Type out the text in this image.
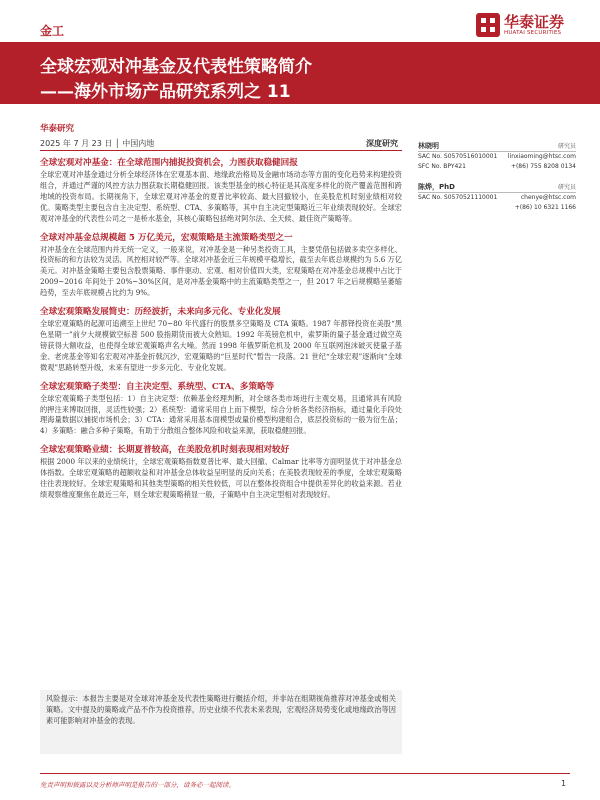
金工	华泰证券
HUATAI SECURITIES
全球宏观对冲基金及代表性策略简介
——海外市场产品研究系列之 11
华泰研究
2025 年 7 月 23 日 │ 中国内地	深度研究

全球宏观对冲基金：在全球范围内捕捉投资机会，力图获取稳健回报

全球宏观对冲基金通过分析全球经济体在宏观基本面、地缘政治格局及金融市场动态等方面的变化趋势来构建投资组合，并通过严谨的风控方法力图获取长期稳健回报。该类型基金的核心特征是其高度多样化的资产覆盖范围和跨地域的投资布局。长期视角下，全球宏观对冲基金的夏普比率较高、最大回撤较小，在美股危机时刻业绩相对较优。策略类型主要包含自主决定型、系统型、CTA、多策略等，其中自主决定型策略近三年业绩表现较好。全球宏观对冲基金的代表性公司之一是桥水基金，其核心策略包括绝对阿尔法、全天候、最佳资产策略等。

全球对冲基金总规模超 5 万亿美元，宏观策略是主流策略类型之一

对冲基金在全球范围内并无统一定义，一般来说，对冲基金是一种另类投资工具，主要凭借包括做多卖空多样化、投资标的和方法较为灵活、风控相对较严等。全球对冲基金近三年规模平稳增长，截至去年底总规模约为 5.6 万亿美元。对冲基金策略主要包含股票策略、事件驱动、宏观、相对价值四大类，宏观策略在对冲基金总规模中占比于 2009~2016 年间处于 20%~30%区间，是对冲基金策略中的主流策略类型之一，但 2017 年之后规模略呈萎缩趋势，至去年底规模占比约为 9%。

全球宏观策略发展简史：历经波折，未来向多元化、专业化发展

全球宏观策略的起源可追溯至上世纪 70~80 年代盛行的股票多空策略及 CTA 策略。1987 年都铎投资在美股“黑色星期一”前夕大规模做空标普 500 股指期货而被大众熟知。1992 年英镑危机中，索罗斯的量子基金通过做空英镑获得大额收益，也使得全球宏观策略声名大噪。然而 1998 年俄罗斯危机及 2000 年互联网泡沫破灭使量子基金、老虎基金等知名宏观对冲基金折戟沉沙，宏观策略的“巨星时代”暂告一段落。21 世纪“全球宏观”逐渐向“全球微观”思路转型升级，未来有望进一步多元化、专业化发展。

全球宏观策略子类型：自主决定型、系统型、CTA、多策略等

全球宏观策略子类型包括：1）自主决定型：依赖基金经理判断，对全球各类市场进行主观交易，且通常具有风险的押注来博取回报，灵活性较强；2）系统型：通常采用自上而下模型，综合分析各类经济指标，通过量化手段处理海量数据以捕捉市场机会；3）CTA：通常采用基本面模型或量价模型构建组合，底层投资标的一般为衍生品；4）多策略：融合多种子策略，有助于分散组合整体风险和收益来源，获取稳健回报。

全球宏观策略业绩：长期夏普较高，在美股危机时刻表现相对较好

根据 2000 年以来的业绩统计，全球宏观策略指数夏普比率、最大回撤、Calmar 比率等方面明显优于对冲基金总体指数。全球宏观策略的超额收益和对冲基金总体收益呈明显的反向关系；在美股表现较差的季度，全球宏观策略往往表现较好。全球宏观策略和其他类型策略的相关性较低，可以在整体投资组合中提供差异化的收益来源。若业绩观察维度聚焦在最近三年，则全球宏观策略稍显一般，子策略中自主决定型相对表现较好。

风险提示：本报告主要是对全球对冲基金及代表性策略进行概括介绍，并非站在组期视角推荐对冲基金或相关策略。文中提及的策略或产品不作为投资推荐，历史业绩不代表未来表现，宏观经济局势变化或地缘政治等因素可能影响对冲基金的表现。

林晓明	研究员
SAC No. S0570516010001 linxiaoming@htsc.com
SFC No. BPY421	+(86) 755 8208 0134
陈烨，PhD	研究员
SAC No. S0570521110001	chenye@htsc.com
+(86) 10 6321 1166
免责声明和披露以及分析师声明是报告的一部分，请务必一起阅读。	1
